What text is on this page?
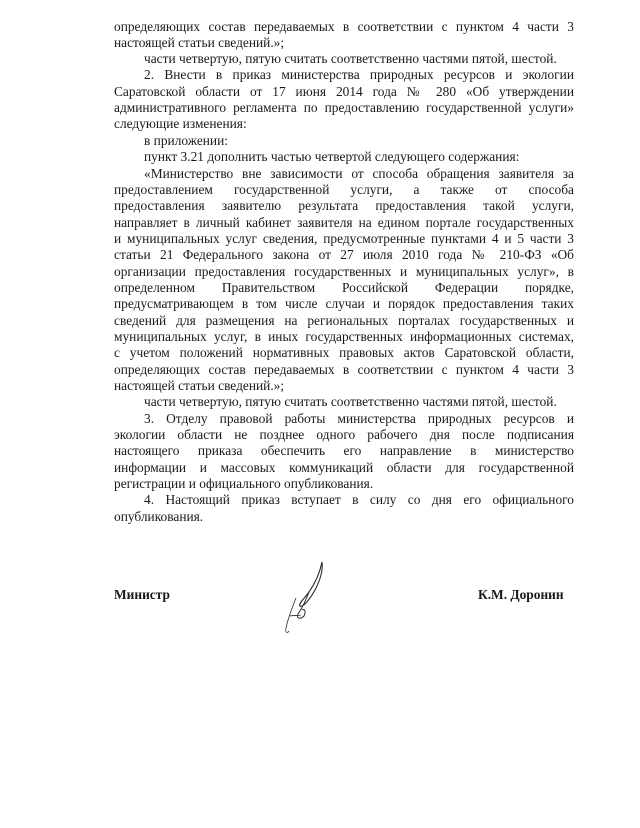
определяющих состав передаваемых в соответствии с пунктом 4 части 3
настоящей статьи сведений.»;
части четвертую, пятую считать соответственно частями пятой, шестой.
2. Внести в приказ министерства природных ресурсов и экологии
Саратовской области от 17 июня 2014 года № 280 «Об утверждении
административного регламента по предоставлению государственной услуги»
следующие изменения:
в приложении:
пункт 3.21 дополнить частью четвертой следующего содержания:
«Министерство вне зависимости от способа обращения заявителя за
предоставлением государственной услуги, а также от способа
предоставления заявителю результата предоставления такой услуги,
направляет в личный кабинет заявителя на едином портале государственных
и муниципальных услуг сведения, предусмотренные пунктами 4 и 5 части 3
статьи 21 Федерального закона от 27 июля 2010 года № 210-ФЗ «Об
организации предоставления государственных и муниципальных услуг», в
определенном Правительством Российской Федерации порядке,
предусматривающем в том числе случаи и порядок предоставления таких
сведений для размещения на региональных порталах государственных и
муниципальных услуг, в иных государственных информационных системах,
с учетом положений нормативных правовых актов Саратовской области,
определяющих состав передаваемых в соответствии с пунктом 4 части 3
настоящей статьи сведений.»;
части четвертую, пятую считать соответственно частями пятой, шестой.
3. Отделу правовой работы министерства природных ресурсов и
экологии области не позднее одного рабочего дня после подписания
настоящего приказа обеспечить его направление в министерство
информации и массовых коммуникаций области для государственной
регистрации и официального опубликования.
4. Настоящий приказ вступает в силу со дня его официального
опубликования.
Министр	К.М. Доронин
